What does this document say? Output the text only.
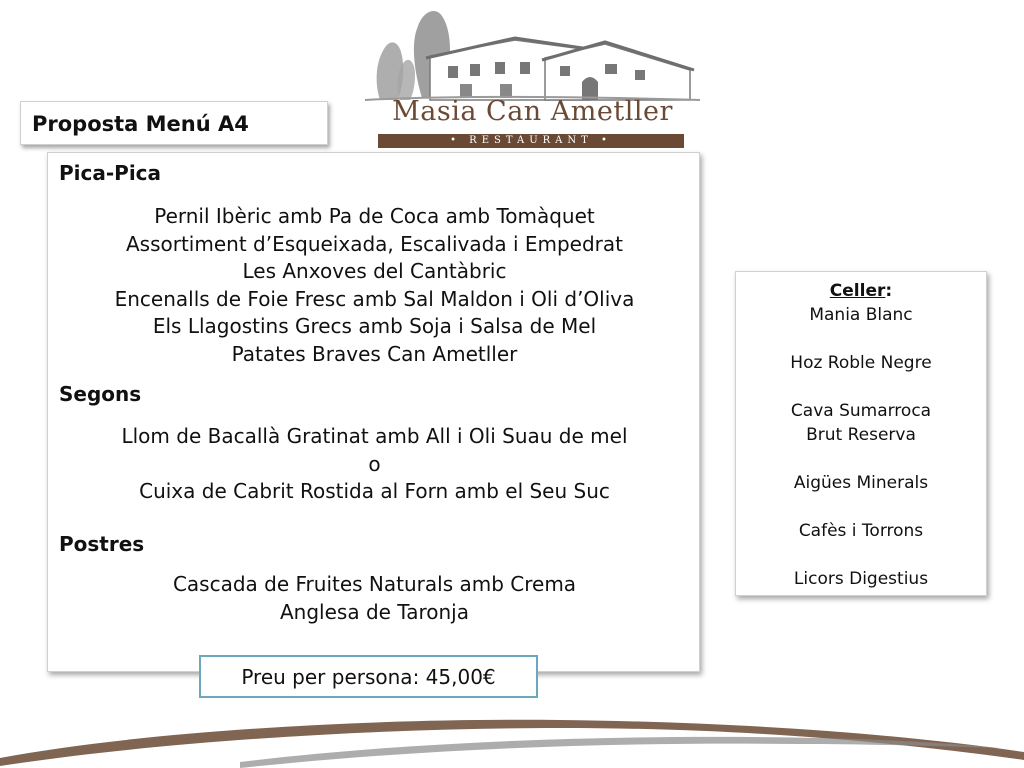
Masia Can Ametller
• RESTAURANT •
Proposta Menú A4
Pica-Pica
Pernil Ibèric amb Pa de Coca amb Tomàquet
Assortiment d’Esqueixada, Escalivada i Empedrat
Les Anxoves del Cantàbric
Encenalls de Foie Fresc amb Sal Maldon i Oli d’Oliva
Els Llagostins Grecs amb Soja i Salsa de Mel
Patates Braves Can Ametller
Segons
Llom de Bacallà Gratinat amb All i Oli Suau de mel
o
Cuixa de Cabrit Rostida al Forn amb el Seu Suc
Postres
Cascada de Fruites Naturals amb Crema
Anglesa de Taronja
Preu per persona: 45,00€
Celler:
Mania Blanc
Hoz Roble Negre
Cava Sumarroca
Brut Reserva
Aigües Minerals
Cafès i Torrons
Licors Digestius
